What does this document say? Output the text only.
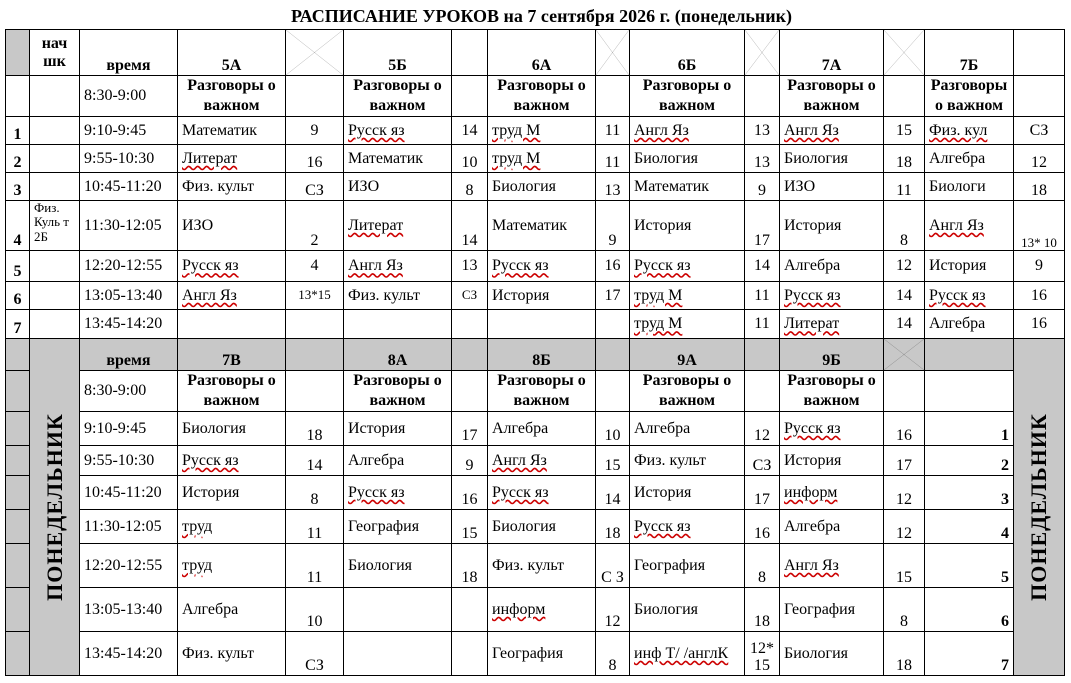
РАСПИСАНИЕ УРОКОВ на 7 сентября 2026 г. (понедельник)
	нач шк	время	5А		5Б		6А		6Б		7А		7Б	
		8:30-9:00	Разговоры о важном		Разговоры о важном		Разговоры о важном		Разговоры о важном		Разговоры о важном		Разговоры о важном	
1		9:10-9:45	Математик	9	Русск яз	14	труд М	11	Англ Яз	13	Англ Яз	15	Физ. кул	СЗ
2		9:55-10:30	Литерат	16	Математик	10	труд М	11	Биология	13	Биология	18	Алгебра	12
3		10:45-11:20	Физ. культ	СЗ	ИЗО	8	Биология	13	Математик	9	ИЗО	11	Биологи	18
4	Физ. Куль т 2Б	11:30-12:05	ИЗО	2	Литерат	14	Математик	9	История	17	История	8	Англ Яз	13* 10
5		12:20-12:55	Русск яз	4	Англ Яз	13	Русск яз	16	Русск яз	14	Алгебра	12	История	9
6		13:05-13:40	Англ Яз	13*15	Физ. культ	СЗ	История	17	труд М	11	Русск яз	14	Русск яз	16
7		13:45-14:20							труд М	11	Литерат	14	Алгебра	16

	ПОНЕДЕЛЬНИК	время	7В		8А		8Б		9А		9Б			ПОНЕДЕЛЬНИК

		8:30-9:00	Разговоры о важном		Разговоры о важном		Разговоры о важном		Разговоры о важном		Разговоры о важном			
		9:10-9:45	Биология	18	История	17	Алгебра	10	Алгебра	12	Русск яз	16	1	
		9:55-10:30	Русск яз	14	Алгебра	9	Англ Яз	15	Физ. культ	СЗ	История	17	2	
		10:45-11:20	История	8	Русск яз	16	Русск яз	14	История	17	информ	12	3	
		11:30-12:05	труд	11	География	15	Биология	18	Русск яз	16	Алгебра	12	4	
		12:20-12:55	труд	11	Биология	18	Физ. культ	С З	География	8	Англ Яз	15	5	
		13:05-13:40	Алгебра	10			информ	12	Биология	18	География	8	6	
		13:45-14:20	Физ. культ	СЗ			География	8	инф Т/ /англК	12* 15	Биология	18	7	
